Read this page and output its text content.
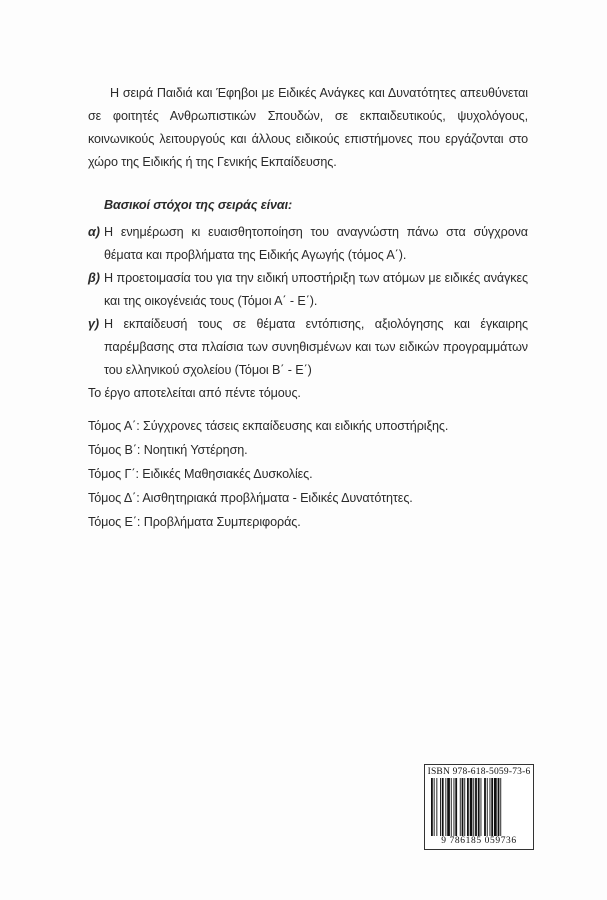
Η σειρά Παιδιά και Έφηβοι με Ειδικές Ανάγκες και Δυνατότητες απευθύνεται σε φοιτητές Ανθρωπιστικών Σπουδών, σε εκπαιδευτικούς, ψυχολόγους, κοινωνικούς λειτουργούς και άλλους ειδικούς επιστήμονες που εργάζονται στο χώρο της Ειδικής ή της Γενικής Εκπαίδευσης.

Βασικοί στόχοι της σειράς είναι:

α) Η ενημέρωση κι ευαισθητοποίηση του αναγνώστη πάνω στα σύγχρονα θέματα και προβλήματα της Ειδικής Αγωγής (τόμος Α΄).
β) Η προετοιμασία του για την ειδική υποστήριξη των ατόμων με ειδικές ανάγκες και της οικογένειάς τους (Τόμοι Α΄ - Ε΄).
γ) Η εκπαίδευσή τους σε θέματα εντόπισης, αξιολόγησης και έγκαιρης παρέμβασης στα πλαίσια των συνηθισμένων και των ειδικών προγραμμάτων του ελληνικού σχολείου (Τόμοι Β΄ - Ε΄)

Το έργο αποτελείται από πέντε τόμους.

Τόμος Α΄: Σύγχρονες τάσεις εκπαίδευσης και ειδικής υποστήριξης.

Τόμος Β΄: Νοητική Υστέρηση.

Τόμος Γ΄: Ειδικές Μαθησιακές Δυσκολίες.

Τόμος Δ΄: Αισθητηριακά προβλήματα - Ειδικές Δυνατότητες.

Τόμος Ε΄: Προβλήματα Συμπεριφοράς.

ISBN 978-618-5059-73-6
9 786185 059736
